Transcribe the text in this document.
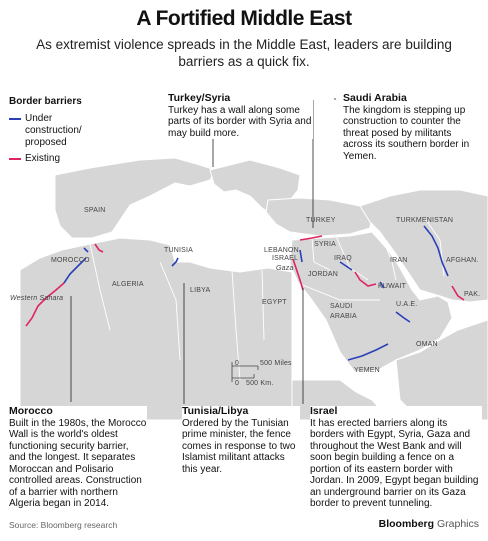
A Fortified Middle East
As extremist violence spreads in the Middle East, leaders are building barriers as a quick fix.
SPAIN
MOROCCO
Western Sahara
ALGERIA
TUNISIA
LIBYA
EGYPT
TURKEY
SYRIA
LEBANON
ISRAEL
Gaza
JORDAN
IRAQ	IRAN
KUWAIT
SAUDI
ARABIA
U.A.E.
OMAN
YEMEN
TURKMENISTAN
AFGHAN.
PAK.
0	500 Miles
0 500 Km.
Border barriers
Under construction/ proposed
Existing
Turkey/Syria
Turkey has a wall along some parts of its border with Syria and may build more.
Saudi Arabia
The kingdom is stepping up construction to counter the threat posed by militants across its southern border in Yemen.
Morocco
Built in the 1980s, the Morocco Wall is the world's oldest functioning security barrier, and the longest. It separates Moroccan and Polisario controlled areas. Construction of a barrier with northern Algeria began in 2014.
Tunisia/Libya
Ordered by the Tunisian prime minister, the fence comes in response to two Islamist militant attacks this year.
Israel
It has erected barriers along its borders with Egypt, Syria, Gaza and throughout the West Bank and will soon begin building a fence on a portion of its eastern border with Jordan. In 2009, Egypt began building an underground barrier on its Gaza border to prevent tunneling.
Source: Bloomberg research	Bloomberg Graphics
